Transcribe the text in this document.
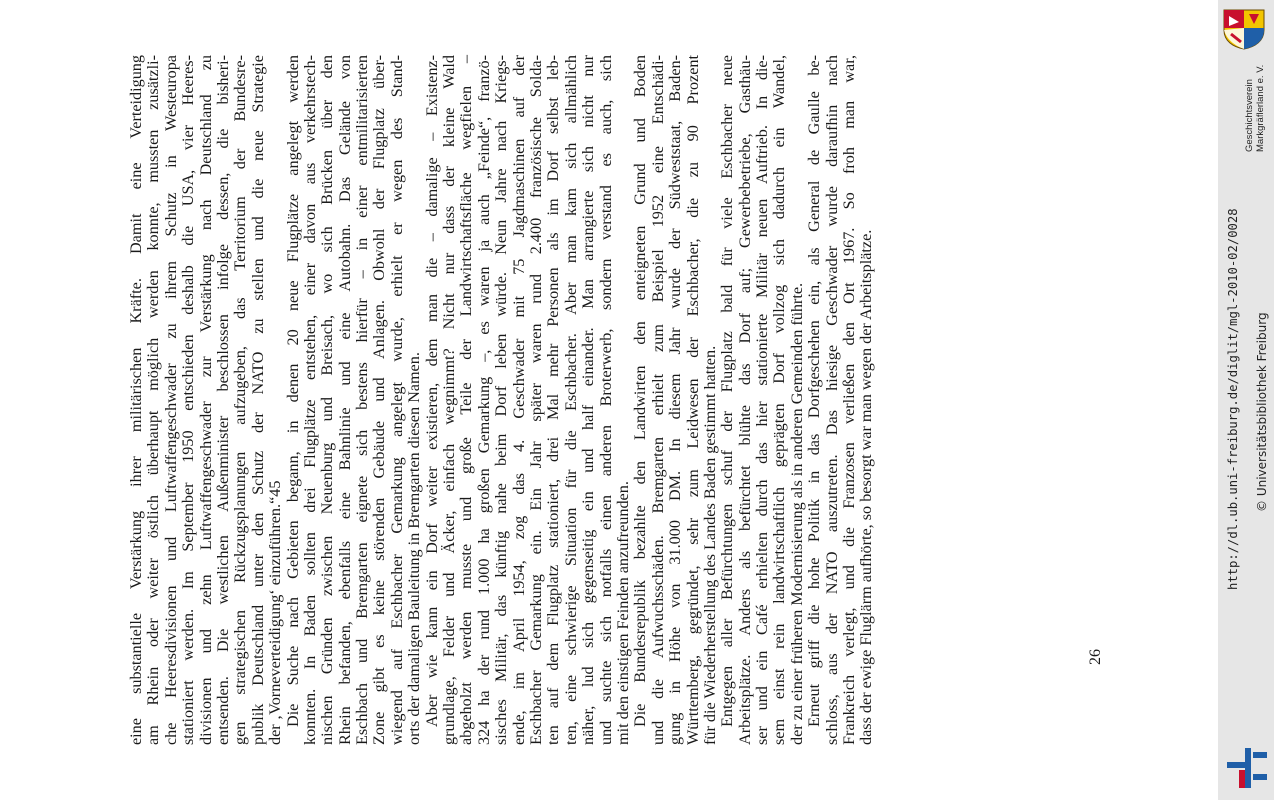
eine substantielle Verstärkung ihrer militärischen Kräfte. Damit eine Verteidigung am Rhein oder weiter östlich überhaupt möglich werden konnte, mussten zusätzli- che Heeresdivisionen und Luftwaffengeschwader zu ihrem Schutz in Westeuropa stationiert werden. Im September 1950 entschieden deshalb die USA, vier Heeres- divisionen und zehn Luftwaffengeschwader zur Verstärkung nach Deutschland zu entsenden. Die westlichen Außenminister beschlossen infolge dessen, die bisheri- gen strategischen Rückzugsplanungen aufzugeben, das Territorium der Bundesre- publik Deutschland unter den Schutz der NATO zu stellen und die neue Strategie der ‚Vorneverteidigung‘ einzuführen.“45 Die Suche nach Gebieten begann, in denen 20 neue Flugplätze angelegt werden konnten. In Baden sollten drei Flugplätze entstehen, einer davon aus verkehrstech- nischen Gründen zwischen Neuenburg und Breisach, wo sich Brücken über den Rhein befanden, ebenfalls eine Bahnlinie und eine Autobahn. Das Gelände von Eschbach und Bremgarten eignete sich bestens hierfür – in einer entmilitarisierten Zone gibt es keine störenden Gebäude und Anlagen. Obwohl der Flugplatz über- wiegend auf Eschbacher Gemarkung angelegt wurde, erhielt er wegen des Stand- orts der damaligen Bauleitung in Bremgarten diesen Namen. Aber wie kann ein Dorf weiter existieren, dem man die – damalige – Existenz- grundlage, Felder und Äcker, einfach wegnimmt? Nicht nur dass der kleine Wald abgeholzt werden musste und große Teile der Landwirtschaftsfläche wegfielen – 324 ha der rund 1.000 ha großen Gemarkung –, es waren ja auch „Feinde“, franzö- sisches Militär, das künftig nahe beim Dorf leben würde. Neun Jahre nach Kriegs- ende, im April 1954, zog das 4. Geschwader mit 75 Jagdmaschinen auf der Eschbacher Gemarkung ein. Ein Jahr später waren rund 2.400 französische Solda- ten auf dem Flugplatz stationiert, drei Mal mehr Personen als im Dorf selbst leb- ten, eine schwierige Situation für die Eschbacher. Aber man kam sich allmählich näher, lud sich gegenseitig ein und half einander. Man arrangierte sich nicht nur und suchte sich notfalls einen anderen Broterwerb, sondern verstand es auch, sich mit den einstigen Feinden anzufreunden. Die Bundesrepublik bezahlte den Landwirten den enteigneten Grund und Boden und die Aufwuchsschäden. Bremgarten erhielt zum Beispiel 1952 eine Entschädi- gung in Höhe von 31.000 DM. In diesem Jahr wurde der Südweststaat, Baden- Württemberg, gegründet, sehr zum Leidwesen der Eschbacher, die zu 90 Prozent für die Wiederherstellung des Landes Baden gestimmt hatten. Entgegen aller Befürchtungen schuf der Flugplatz bald für viele Eschbacher neue Arbeitsplätze. Anders als befürchtet blühte das Dorf auf; Gewerbebetriebe, Gasthäu- ser und ein Café erhielten durch das hier stationierte Militär neuen Auftrieb. In die- sem einst rein landwirtschaftlich geprägten Dorf vollzog sich dadurch ein Wandel, der zu einer früheren Modernisierung als in anderen Gemeinden führte. Erneut griff die hohe Politik in das Dorfgeschehen ein, als General de Gaulle be- schloss, aus der NATO auszutreten. Das hiesige Geschwader wurde daraufhin nach Frankreich verlegt, und die Franzosen verließen den Ort 1967. So froh man war, dass der ewige Fluglärm aufhörte, so besorgt war man wegen der Arbeitsplätze.	26
Geschichtsverein Markgräflerland e. V.
http://dl.ub.uni-freiburg.de/diglit/mgl-2010-02/0028 © Universitätsbibliothek Freiburg
